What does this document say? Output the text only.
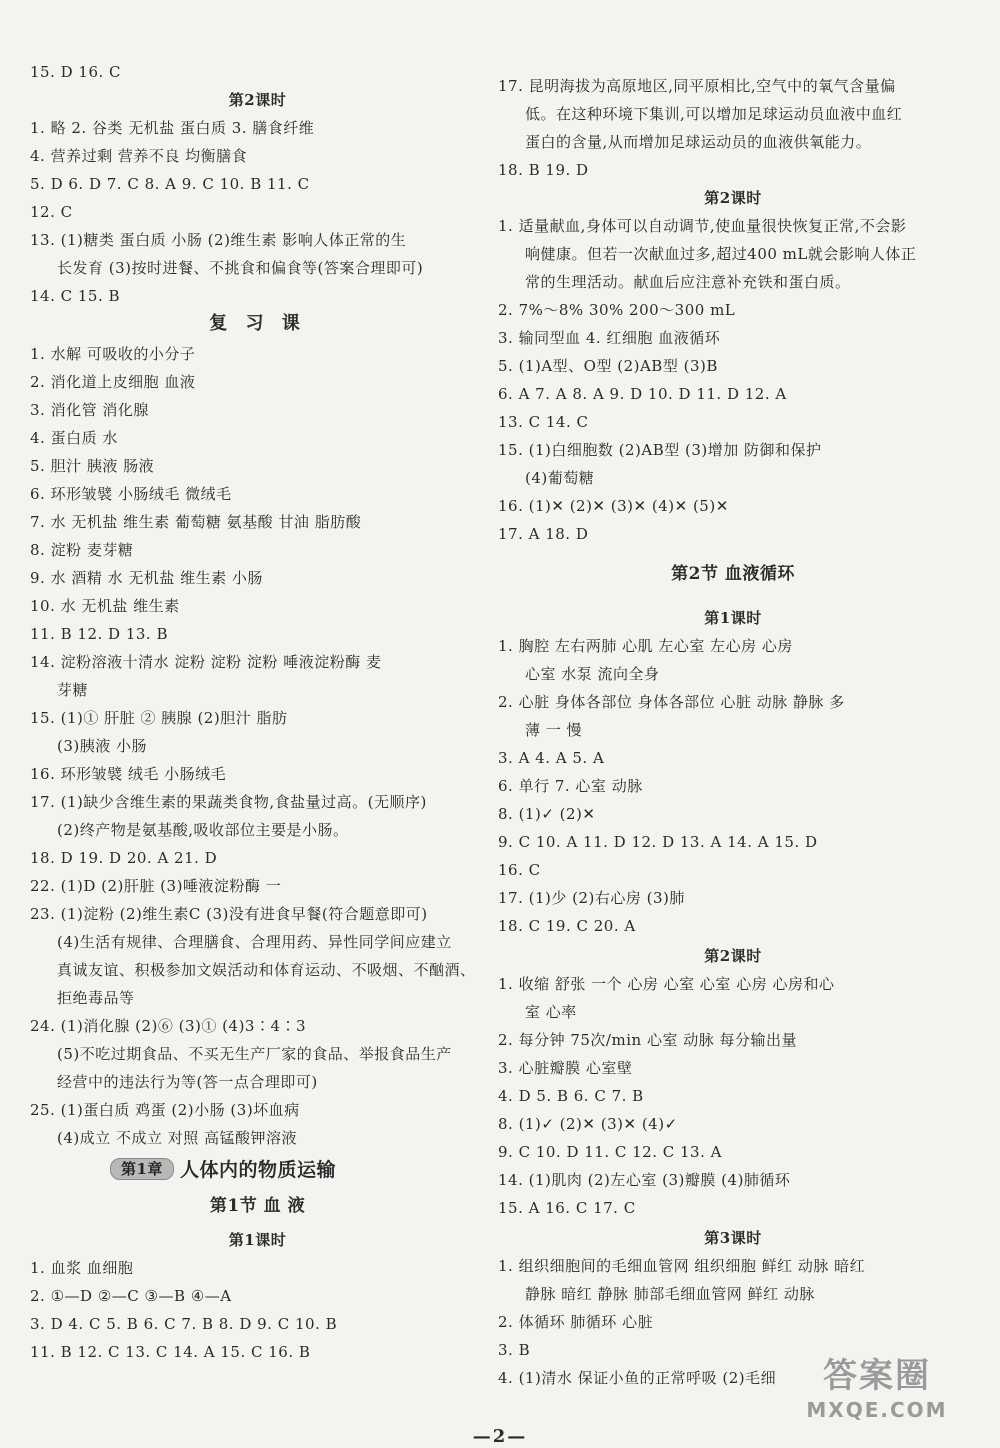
15. D 16. C
第2课时
1. 略 2. 谷类 无机盐 蛋白质 3. 膳食纤维
4. 营养过剩 营养不良 均衡膳食
5. D 6. D 7. C 8. A 9. C 10. B 11. C
12. C
13. (1)糖类 蛋白质 小肠 (2)维生素 影响人体正常的生
长发育 (3)按时进餐、不挑食和偏食等(答案合理即可)
14. C 15. B
复 习 课
1. 水解 可吸收的小分子
2. 消化道上皮细胞 血液
3. 消化管 消化腺
4. 蛋白质 水
5. 胆汁 胰液 肠液
6. 环形皱襞 小肠绒毛 微绒毛
7. 水 无机盐 维生素 葡萄糖 氨基酸 甘油 脂肪酸
8. 淀粉 麦芽糖
9. 水 酒精 水 无机盐 维生素 小肠
10. 水 无机盐 维生素
11. B 12. D 13. B
14. 淀粉溶液十清水 淀粉 淀粉 淀粉 唾液淀粉酶 麦
芽糖
15. (1)① 肝脏 ② 胰腺 (2)胆汁 脂肪
(3)胰液 小肠
16. 环形皱襞 绒毛 小肠绒毛
17. (1)缺少含维生素的果蔬类食物,食盐量过高。(无顺序)
(2)终产物是氨基酸,吸收部位主要是小肠。
18. D 19. D 20. A 21. D
22. (1)D (2)肝脏 (3)唾液淀粉酶 一
23. (1)淀粉 (2)维生素C (3)没有进食早餐(符合题意即可)
(4)生活有规律、合理膳食、合理用药、异性同学间应建立
真诚友谊、积极参加文娱活动和体育运动、不吸烟、不酗酒、
拒绝毒品等
24. (1)消化腺 (2)⑥ (3)① (4)3∶4∶3
(5)不吃过期食品、不买无生产厂家的食品、举报食品生产
经营中的违法行为等(答一点合理即可)
25. (1)蛋白质 鸡蛋 (2)小肠 (3)坏血病
(4)成立 不成立 对照 高锰酸钾溶液
第1章 人体内的物质运输
第1节 血 液
第1课时
1. 血浆 血细胞
2. ①—D ②—C ③—B ④—A
3. D 4. C 5. B 6. C 7. B 8. D 9. C 10. B
11. B 12. C 13. C 14. A 15. C 16. B
17. 昆明海拔为高原地区,同平原相比,空气中的氧气含量偏
低。在这种环境下集训,可以增加足球运动员血液中血红
蛋白的含量,从而增加足球运动员的血液供氧能力。
18. B 19. D
第2课时
1. 适量献血,身体可以自动调节,使血量很快恢复正常,不会影
响健康。但若一次献血过多,超过400 mL就会影响人体正
常的生理活动。献血后应注意补充铁和蛋白质。
2. 7%～8% 30% 200～300 mL
3. 输同型血 4. 红细胞 血液循环
5. (1)A型、O型 (2)AB型 (3)B
6. A 7. A 8. A 9. D 10. D 11. D 12. A
13. C 14. C
15. (1)白细胞数 (2)AB型 (3)增加 防御和保护
(4)葡萄糖
16. (1)✕ (2)✕ (3)✕ (4)✕ (5)✕
17. A 18. D
第2节 血液循环
第1课时
1. 胸腔 左右两肺 心肌 左心室 左心房 心房
心室 水泵 流向全身
2. 心脏 身体各部位 身体各部位 心脏 动脉 静脉 多
薄 一 慢
3. A 4. A 5. A
6. 单行 7. 心室 动脉
8. (1)✓ (2)✕
9. C 10. A 11. D 12. D 13. A 14. A 15. D
16. C
17. (1)少 (2)右心房 (3)肺
18. C 19. C 20. A
第2课时
1. 收缩 舒张 一个 心房 心室 心室 心房 心房和心
室 心率
2. 每分钟 75次/min 心室 动脉 每分输出量
3. 心脏瓣膜 心室壁
4. D 5. B 6. C 7. B
8. (1)✓ (2)✕ (3)✕ (4)✓
9. C 10. D 11. C 12. C 13. A
14. (1)肌肉 (2)左心室 (3)瓣膜 (4)肺循环
15. A 16. C 17. C
第3课时
1. 组织细胞间的毛细血管网 组织细胞 鲜红 动脉 暗红
静脉 暗红 静脉 肺部毛细血管网 鲜红 动脉
2. 体循环 肺循环 心脏
3. B
4. (1)清水 保证小鱼的正常呼吸 (2)毛细
—2—
答案圈
MXQE.COM
